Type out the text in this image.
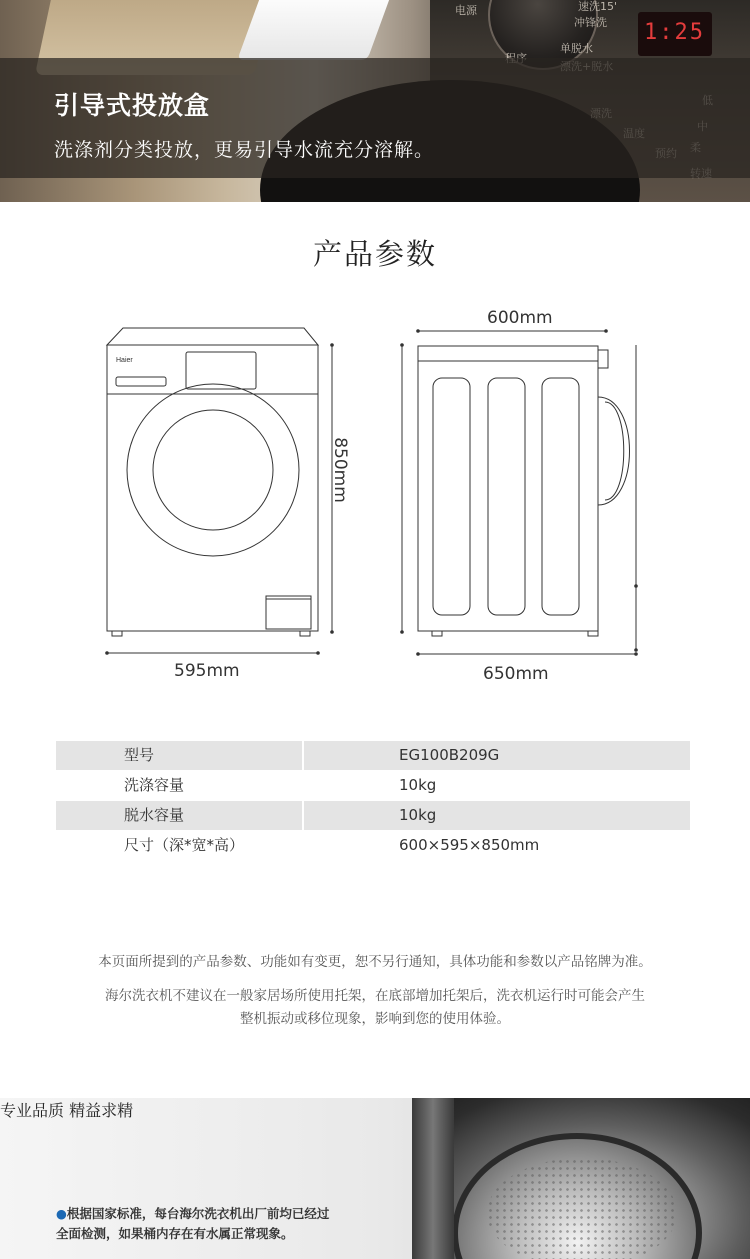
1:25
电源
冲锋洗
单脱水
速洗15'
引导式投放盒
洗涤剂分类投放，更易引导水流充分溶解。
产品参数
Haier
600mm
595mm	650mm
850mm
型号	EG100B209G
洗涤容量	10kg
脱水容量	10kg
尺寸（深*宽*高）	600×595×850mm
本页面所提到的产品参数、功能如有变更，恕不另行通知，具体功能和参数以产品铭牌为准。
海尔洗衣机不建议在一般家居场所使用托架，在底部增加托架后，洗衣机运行时可能会产生
整机振动或移位现象，影响到您的使用体验。
专业品质 精益求精
●根据国家标准，每台海尔洗衣机出厂前均已经过
全面检测，如果桶内存在有水属正常现象。
